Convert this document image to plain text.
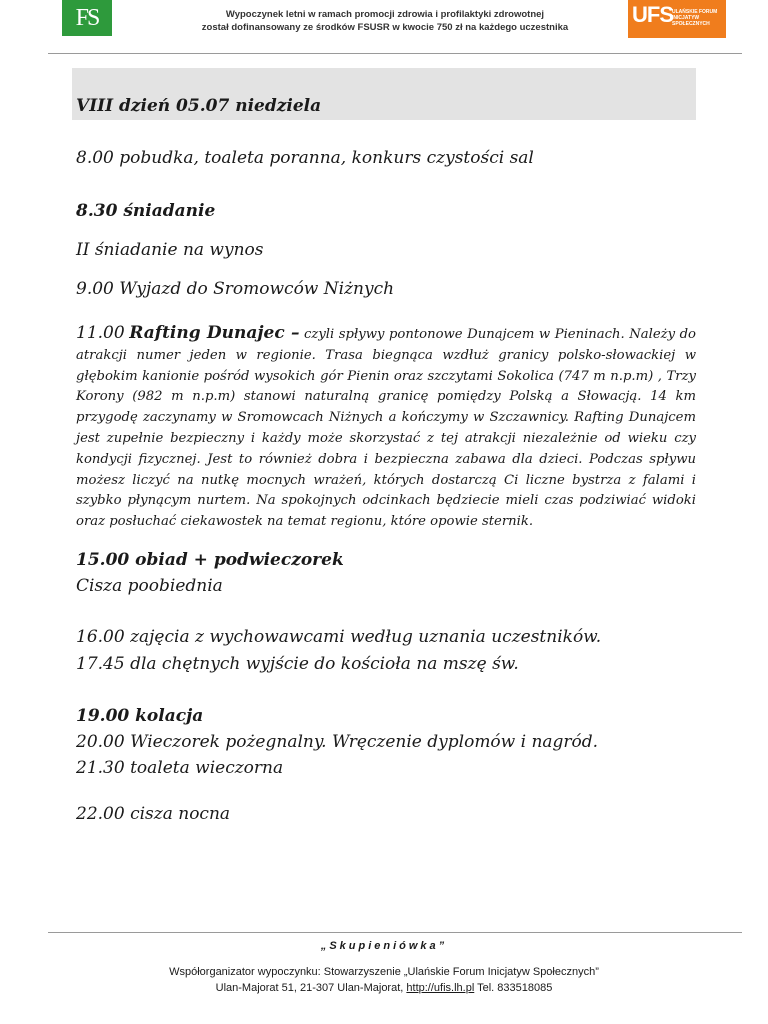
FS	Wypoczynek letni w ramach promocji zdrowia i profilaktyki zdrowotnej
został dofinansowany ze środków FSUSR w kwocie 750 zł na każdego uczestnika
UFS ULAŃSKIE FORUM INICJATYW SPOŁECZNYCH
VIII dzień 05.07 niedziela
8.00 pobudka, toaleta poranna, konkurs czystości sal
8.30 śniadanie
II śniadanie na wynos
9.00 Wyjazd do Sromowców Niżnych
11.00 Rafting Dunajec – czyli spływy pontonowe Dunajcem w Pieninach. Należy do atrakcji numer jeden w regionie. Trasa biegnąca wzdłuż granicy polsko-słowackiej w głębokim kanionie pośród wysokich gór Pienin oraz szczytami Sokolica (747 m n.p.m) , Trzy Korony (982 m n.p.m) stanowi naturalną granicę pomiędzy Polską a Słowacją. 14 km przygodę zaczynamy w Sromowcach Niżnych a kończymy w Szczawnicy. Rafting Dunajcem jest zupełnie bezpieczny i każdy może skorzystać z tej atrakcji niezależnie od wieku czy kondycji fizycznej. Jest to również dobra i bezpieczna zabawa dla dzieci. Podczas spływu możesz liczyć na nutkę mocnych wrażeń, których dostarczą Ci liczne bystrza z falami i szybko płynącym nurtem. Na spokojnych odcinkach będziecie mieli czas podziwiać widoki oraz posłuchać ciekawostek na temat regionu, które opowie sternik.
15.00 obiad + podwieczorek
Cisza poobiednia
16.00 zajęcia z wychowawcami według uznania uczestników.
17.45 dla chętnych wyjście do kościoła na mszę św.
19.00 kolacja
20.00 Wieczorek pożegnalny. Wręczenie dyplomów i nagród.
21.30 toaleta wieczorna
22.00 cisza nocna
„Skupieniówka”
Współorganizator wypoczynku: Stowarzyszenie „Ulańskie Forum Inicjatyw Społecznych”
Ulan-Majorat 51, 21-307 Ulan-Majorat, http://ufis.lh.pl Tel. 833518085
